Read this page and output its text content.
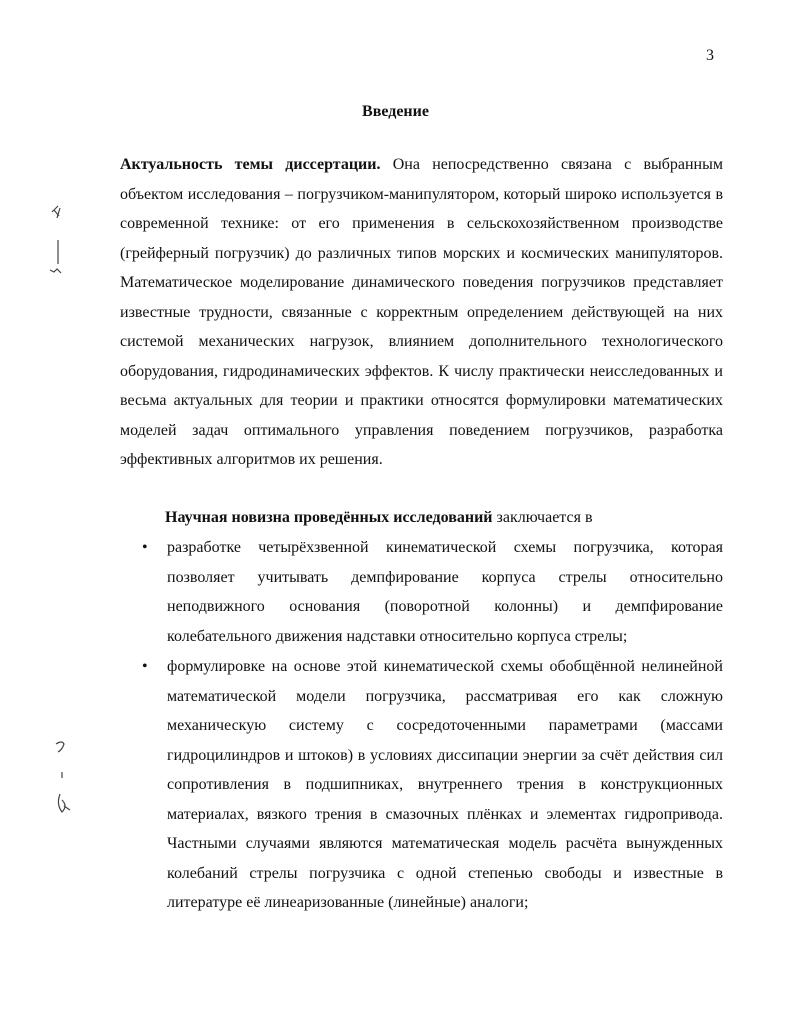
3
Введение

Актуальность темы диссертации. Она непосредственно связана с выбранным объектом исследования – погрузчиком-манипулятором, который широко используется в современной технике: от его применения в сельскохозяйственном производстве (грейферный погрузчик) до различных типов морских и космических манипуляторов. Математическое моделирование динамического поведения погрузчиков представляет известные трудности, связанные с корректным определением действующей на них системой механических нагрузок, влиянием дополнительного технологического оборудования, гидродинамических эффектов. К числу практически неисследованных и весьма актуальных для теории и практики относятся формулировки математических моделей задач оптимального управления поведением погрузчиков, разработка эффективных алгоритмов их решения.

Научная новизна проведённых исследований заключается в

• разработке четырёхзвенной кинематической схемы погрузчика, которая позволяет учитывать демпфирование корпуса стрелы относительно неподвижного основания (поворотной колонны) и демпфирование колебательного движения надставки относительно корпуса стрелы;
• формулировке на основе этой кинематической схемы обобщённой нелинейной математической модели погрузчика, рассматривая его как сложную механическую систему с сосредоточенными параметрами (массами гидроцилиндров и штоков) в условиях диссипации энергии за счёт действия сил сопротивления в подшипниках, внутреннего трения в конструкционных материалах, вязкого трения в смазочных плёнках и элементах гидропривода. Частными случаями являются математическая модель расчёта вынужденных колебаний стрелы погрузчика с одной степенью свободы и известные в литературе её линеаризованные (линейные) аналоги;
